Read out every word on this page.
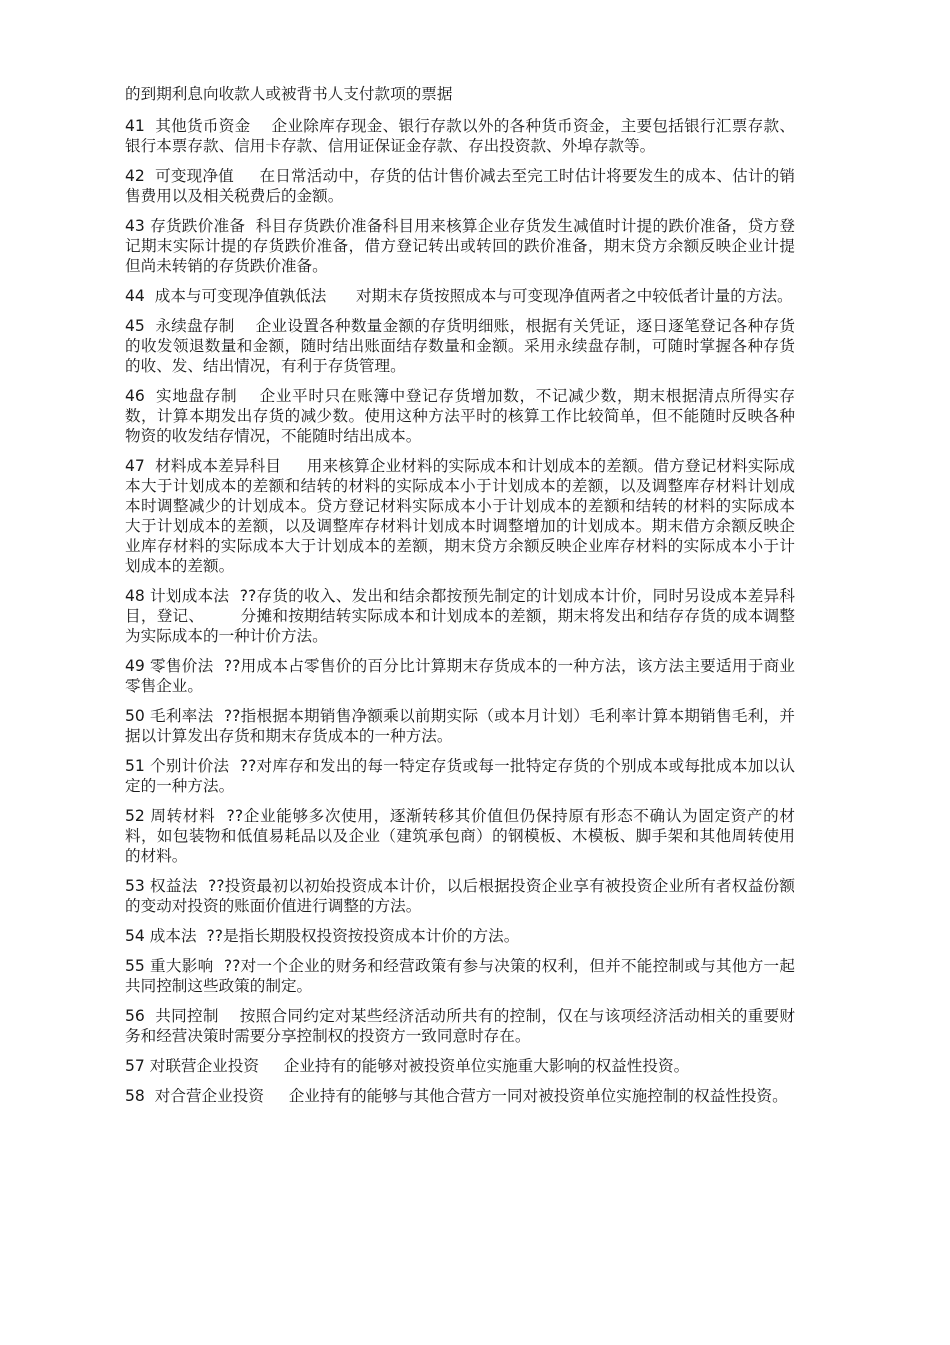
的到期利息向收款人或被背书人支付款项的票据

41  其他货币资金    企业除库存现金、银行存款以外的各种货币资金，主要包括银行汇票存款、银行本票存款、信用卡存款、信用证保证金存款、存出投资款、外埠存款等。

42  可变现净值     在日常活动中，存货的估计售价减去至完工时估计将要发生的成本、估计的销售费用以及相关税费后的金额。

43 存货跌价准备  科目存货跌价准备科目用来核算企业存货发生减值时计提的跌价准备，贷方登记期末实际计提的存货跌价准备，借方登记转出或转回的跌价准备，期末贷方余额反映企业计提但尚未转销的存货跌价准备。

44  成本与可变现净值孰低法      对期末存货按照成本与可变现净值两者之中较低者计量的方法。

45  永续盘存制    企业设置各种数量金额的存货明细账，根据有关凭证，逐日逐笔登记各种存货的收发领退数量和金额，随时结出账面结存数量和金额。采用永续盘存制，可随时掌握各种存货的收、发、结出情况，有利于存货管理。

46  实地盘存制    企业平时只在账簿中登记存货增加数，不记减少数，期末根据清点所得实存数，计算本期发出存货的减少数。使用这种方法平时的核算工作比较简单，但不能随时反映各种物资的收发结存情况，不能随时结出成本。

47  材料成本差异科目     用来核算企业材料的实际成本和计划成本的差额。借方登记材料实际成本大于计划成本的差额和结转的材料的实际成本小于计划成本的差额，以及调整库存材料计划成本时调整减少的计划成本。贷方登记材料实际成本小于计划成本的差额和结转的材料的实际成本大于计划成本的差额，以及调整库存材料计划成本时调整增加的计划成本。期末借方余额反映企业库存材料的实际成本大于计划成本的差额，期末贷方余额反映企业库存材料的实际成本小于计划成本的差额。

48 计划成本法  ??存货的收入、发出和结余都按预先制定的计划成本计价，同时另设成本差异科目，登记、       分摊和按期结转实际成本和计划成本的差额，期末将发出和结存存货的成本调整为实际成本的一种计价方法。

49 零售价法  ??用成本占零售价的百分比计算期末存货成本的一种方法，该方法主要适用于商业零售企业。

50 毛利率法  ??指根据本期销售净额乘以前期实际（或本月计划）毛利率计算本期销售毛利，并据以计算发出存货和期末存货成本的一种方法。

51 个别计价法  ??对库存和发出的每一特定存货或每一批特定存货的个别成本或每批成本加以认定的一种方法。

52 周转材料  ??企业能够多次使用，逐渐转移其价值但仍保持原有形态不确认为固定资产的材料，如包装物和低值易耗品以及企业（建筑承包商）的钢模板、木模板、脚手架和其他周转使用的材料。

53 权益法  ??投资最初以初始投资成本计价，以后根据投资企业享有被投资企业所有者权益份额的变动对投资的账面价值进行调整的方法。

54 成本法  ??是指长期股权投资按投资成本计价的方法。

55 重大影响  ??对一个企业的财务和经营政策有参与决策的权利，但并不能控制或与其他方一起共同控制这些政策的制定。

56  共同控制    按照合同约定对某些经济活动所共有的控制，仅在与该项经济活动相关的重要财务和经营决策时需要分享控制权的投资方一致同意时存在。

57 对联营企业投资     企业持有的能够对被投资单位实施重大影响的权益性投资。

58  对合营企业投资     企业持有的能够与其他合营方一同对被投资单位实施控制的权益性投资。
